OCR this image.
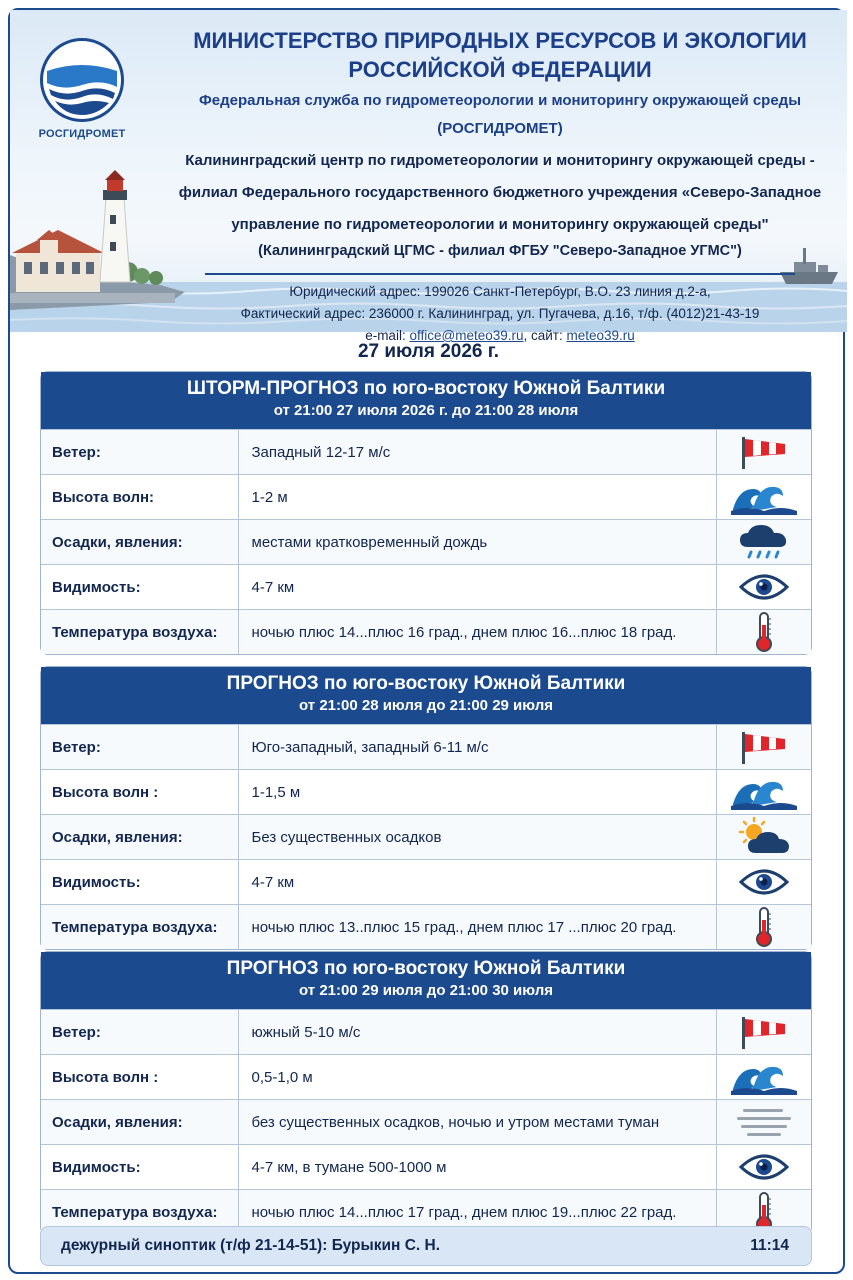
РОСГИДРОМЕТ
МИНИСТЕРСТВО ПРИРОДНЫХ РЕСУРСОВ И ЭКОЛОГИИ
РОССИЙСКОЙ ФЕДЕРАЦИИ
Федеральная служба по гидрометеорологии и мониторингу окружающей среды
(РОСГИДРОМЕТ)
Калининградский центр по гидрометеорологии и мониторингу окружающей среды -
филиал Федерального государственного бюджетного учреждения «Северо-Западное
управление по гидрометеорологии и мониторингу окружающей среды"
(Калининградский ЦГМС - филиал ФГБУ "Северо-Западное УГМС")
Юридический адрес: 199026 Санкт-Петербург, В.О. 23 линия д.2-а,
Фактический адрес: 236000 г. Калининград, ул. Пугачева, д.16, т/ф. (4012)21-43-19
e-mail: office@meteo39.ru, сайт: meteo39.ru
27 июля 2026 г.
ШТОРМ-ПРОГНОЗ по юго-востоку Южной Балтики
от 21:00 27 июля 2026 г. до 21:00 28 июля
Ветер:	Западный 12-17 м/с
Высота волн:	1-2 м
Осадки, явления:	местами кратковременный дождь
Видимость:	4-7 км
Температура воздуха:	ночью плюс 14...плюс 16 град., днем плюс 16...плюс 18 град.
ПРОГНОЗ по юго-востоку Южной Балтики
от 21:00 28 июля до 21:00 29 июля
Ветер:	Юго-западный, западный 6-11 м/с
Высота волн :	1-1,5 м
Осадки, явления:	Без существенных осадков
Видимость:	4-7 км
Температура воздуха:	ночью плюс 13..плюс 15 град., днем плюс 17 ...плюс 20 град.
ПРОГНОЗ по юго-востоку Южной Балтики
от 21:00 29 июля до 21:00 30 июля
Ветер:	южный 5-10 м/с
Высота волн :	0,5-1,0 м
Осадки, явления:	без существенных осадков, ночью и утром местами туман
Видимость:	4-7 км, в тумане 500-1000 м
Температура воздуха:	ночью плюс 14...плюс 17 град., днем плюс 19...плюс 22 град.
дежурный синоптик (т/ф 21-14-51): Бурыкин С. Н.	11:14
